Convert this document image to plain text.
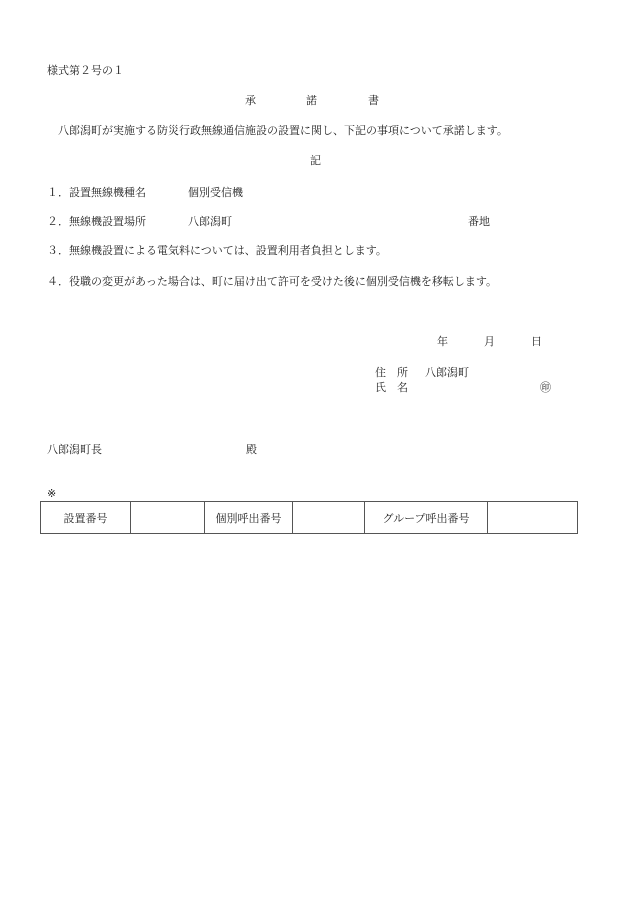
様式第２号の１
承	諾	書
八郎潟町が実施する防災行政無線通信施設の設置に関し、下記の事項について承諾します。
記
１．設置無線機種名	個別受信機
２．無線機設置場所	八郎潟町	番地
３．無線機設置による電気料については、設置利用者負担とします。
４．役職の変更があった場合は、町に届け出て許可を受けた後に個別受信機を移転します。
年	月	日
住　所 八郎潟町
氏　名	㊞
八郎潟町長	殿
※
設置番号		個別呼出番号		グループ呼出番号	
